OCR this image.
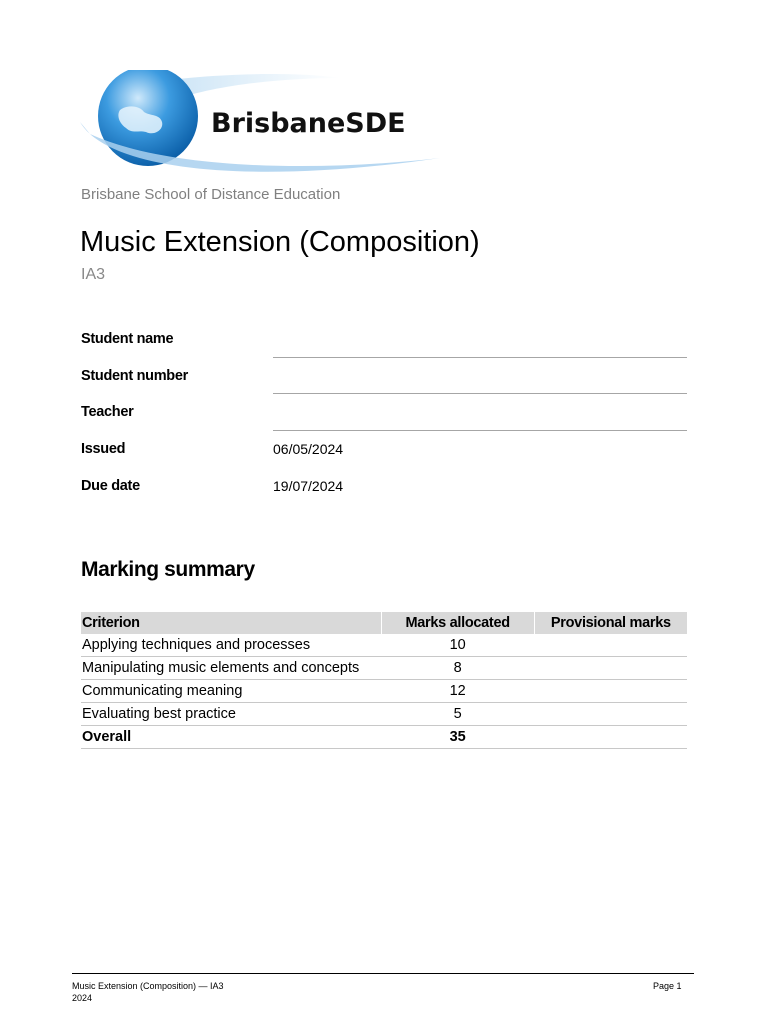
BrisbaneSDE
Brisbane School of Distance Education
Music Extension (Composition)
IA3
Student name
Student number
Teacher
Issued	06/05/2024
Due date	19/07/2024
Marking summary
Criterion	Marks allocated	Provisional marks
Applying techniques and processes	10	
Manipulating music elements and concepts	8	
Communicating meaning	12	
Evaluating best practice	5	
Overall	35	
Music Extension (Composition) — IA3
2024
Page 1
